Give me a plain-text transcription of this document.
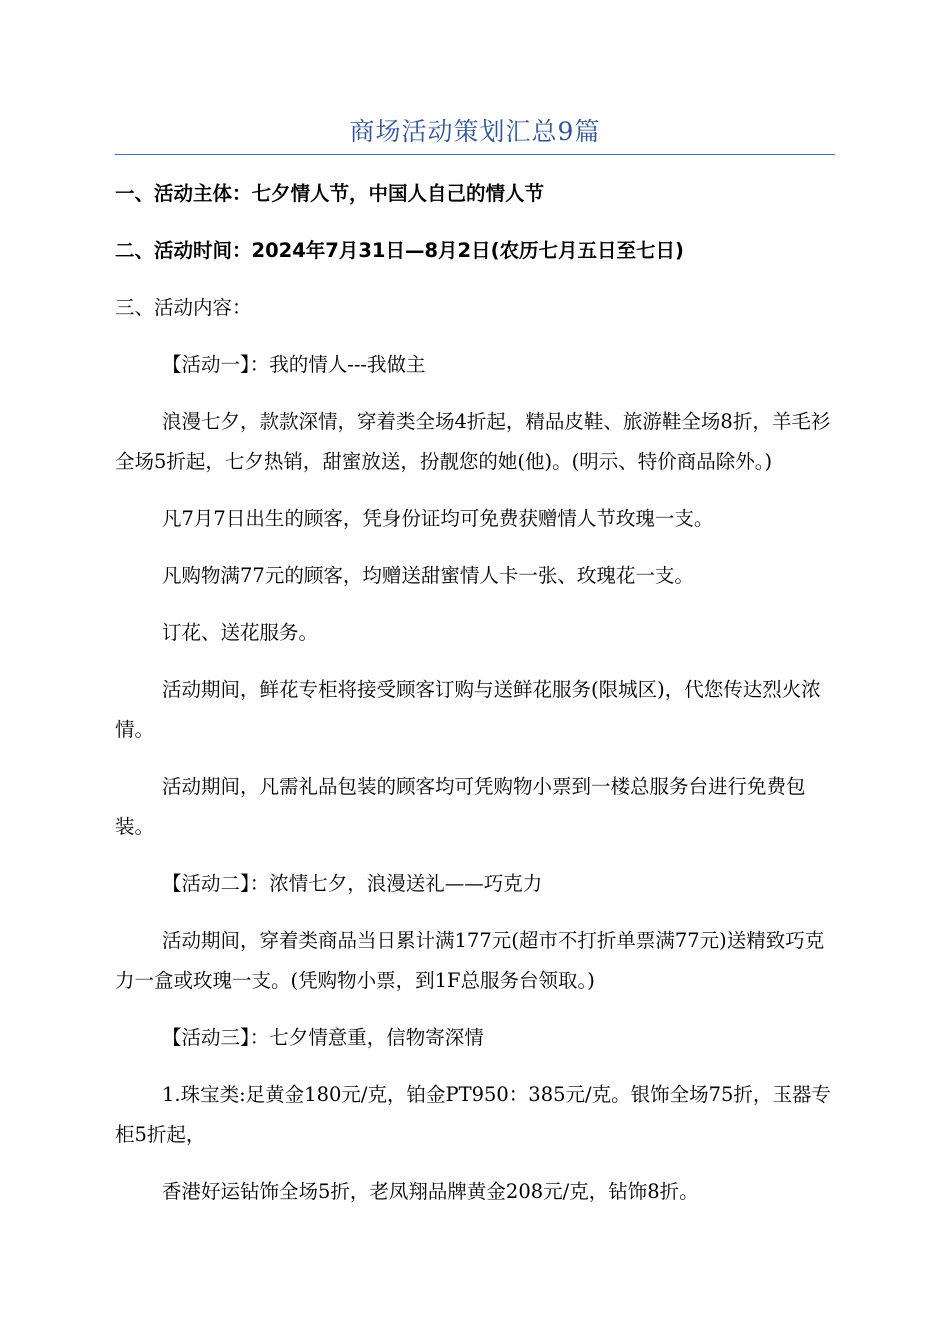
商场活动策划汇总9篇

一、活动主体：七夕情人节，中国人自己的情人节

二、活动时间：2024年7月31日—8月2日(农历七月五日至七日)

三、活动内容：

【活动一】：我的情人---我做主

浪漫七夕，款款深情，穿着类全场4折起，精品皮鞋、旅游鞋全场8折，羊毛衫全场5折起，七夕热销，甜蜜放送，扮靓您的她(他)。(明示、特价商品除外。)

凡7月7日出生的顾客，凭身份证均可免费获赠情人节玫瑰一支。

凡购物满77元的顾客，均赠送甜蜜情人卡一张、玫瑰花一支。

订花、送花服务。

活动期间，鲜花专柜将接受顾客订购与送鲜花服务(限城区)，代您传达烈火浓情。

活动期间，凡需礼品包装的顾客均可凭购物小票到一楼总服务台进行免费包装。

【活动二】：浓情七夕，浪漫送礼——巧克力

活动期间，穿着类商品当日累计满177元(超市不打折单票满77元)送精致巧克力一盒或玫瑰一支。(凭购物小票，到1F总服务台领取。)

【活动三】：七夕情意重，信物寄深情

1.珠宝类:足黄金180元/克，铂金PT950：385元/克。银饰全场75折，玉器专柜5折起，

香港好运钻饰全场5折，老凤翔品牌黄金208元/克，钻饰8折。
